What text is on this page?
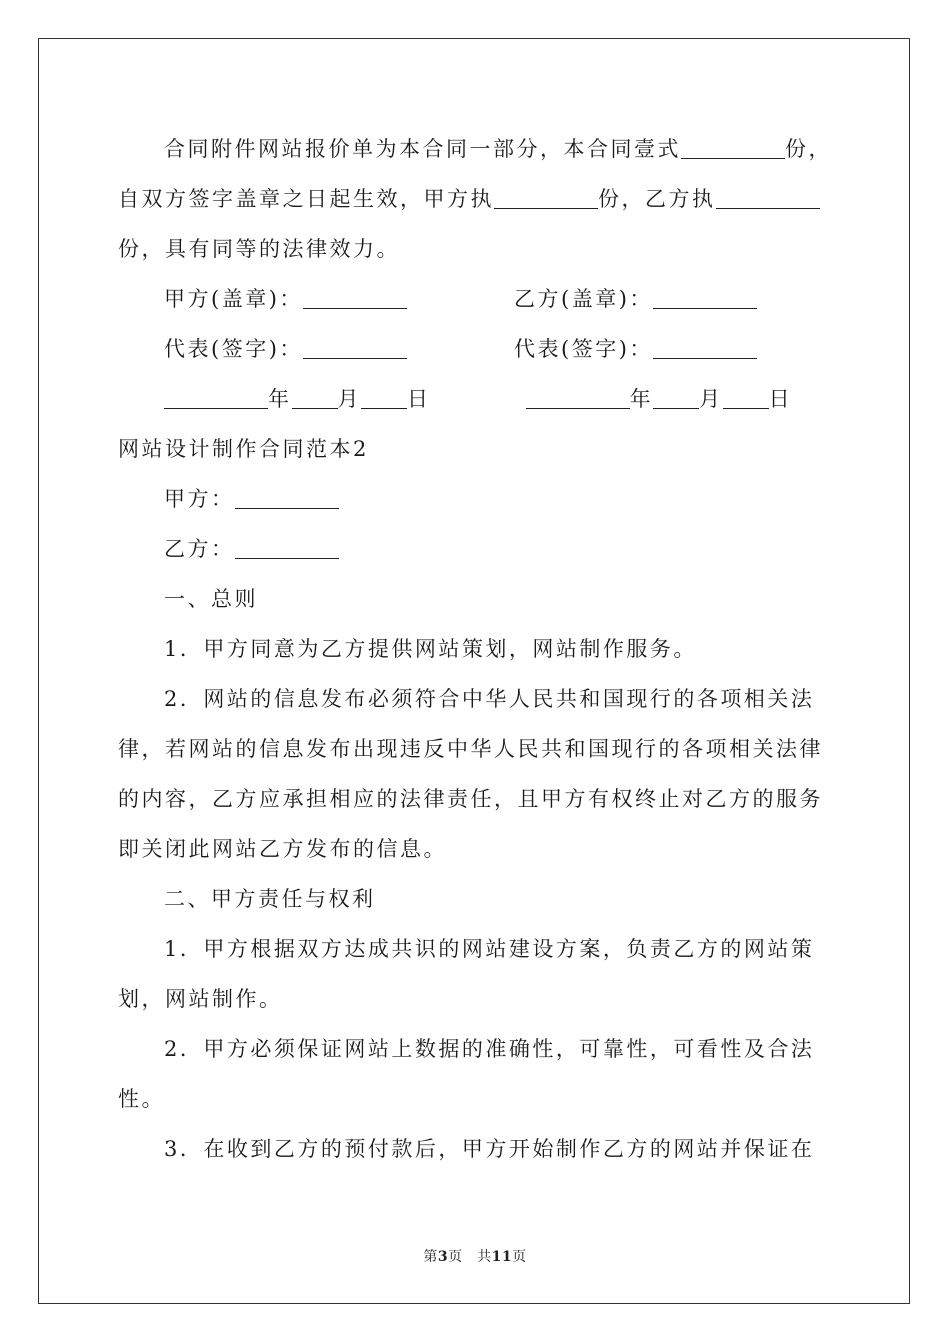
合同附件网站报价单为本合同一部分，本合同壹式	份，自双方签字盖章之日起生效，甲方执	份，乙方执份，具有同等的法律效力。

甲方(盖章)：	乙方(盖章)：
代表(签字)：	代表(签字)：
年 月 日	年 月 日

网站设计制作合同范本2

甲方：

乙方：

一、总则

1．甲方同意为乙方提供网站策划，网站制作服务。

2．网站的信息发布必须符合中华人民共和国现行的各项相关法律，若网站的信息发布出现违反中华人民共和国现行的各项相关法律的内容，乙方应承担相应的法律责任，且甲方有权终止对乙方的服务即关闭此网站乙方发布的信息。

二、甲方责任与权利

1．甲方根据双方达成共识的网站建设方案，负责乙方的网站策划，网站制作。

2．甲方必须保证网站上数据的准确性，可靠性，可看性及合法性。

3．在收到乙方的预付款后，甲方开始制作乙方的网站并保证在

第3页　共11页
